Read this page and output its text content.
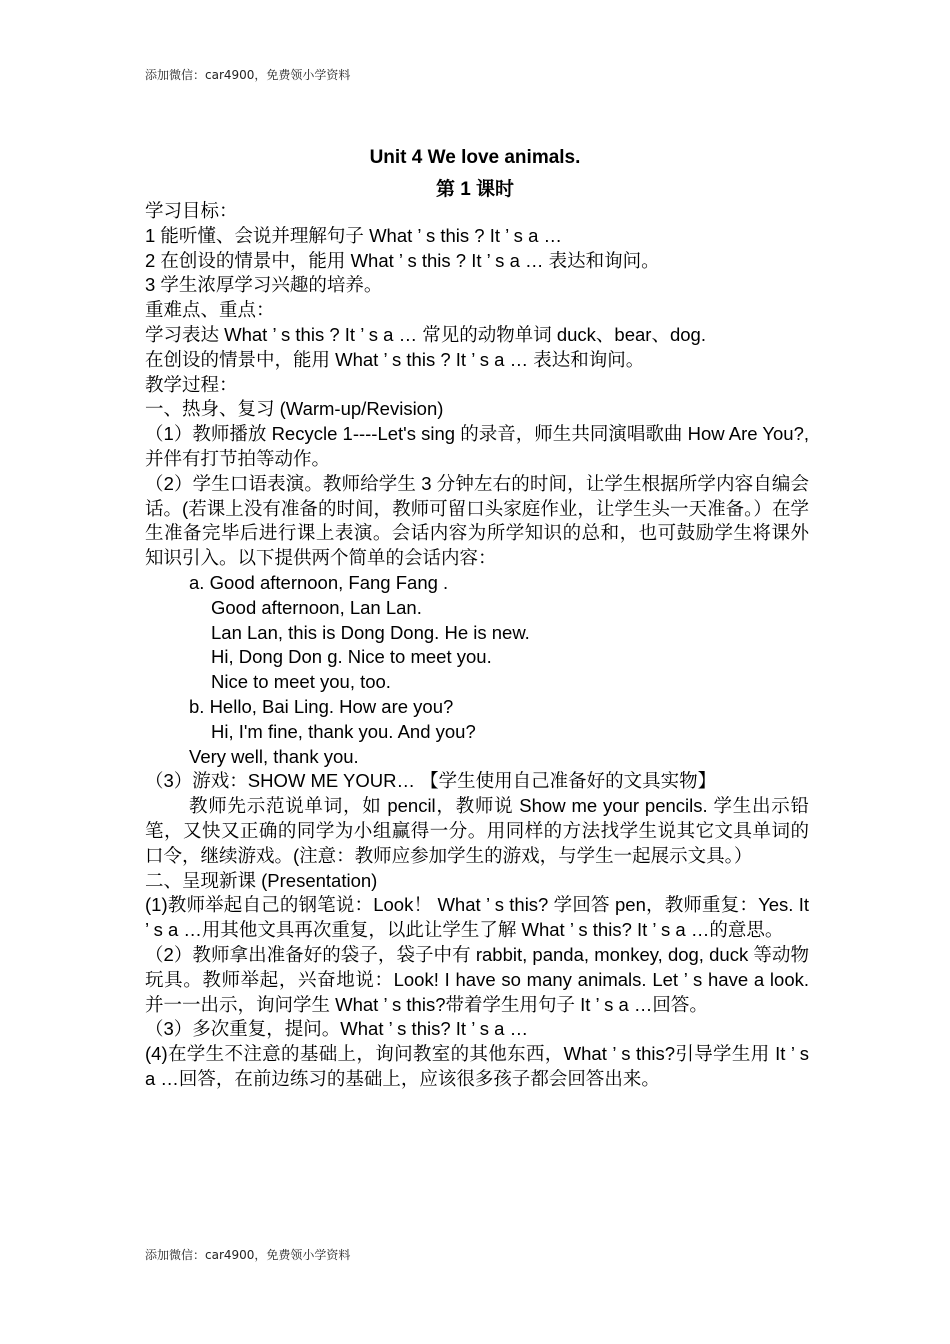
添加微信：car4900，免费领小学资料
Unit 4 We love animals.
第 1 课时

学习目标：

1 能听懂、会说并理解句子 What ’ s this ? It ’ s a …

2 在创设的情景中，能用 What ’ s this ? It ’ s a … 表达和询问。

3 学生浓厚学习兴趣的培养。

重难点、重点：

学习表达 What ’ s this ? It ’ s a … 常见的动物单词 duck、bear、dog.

在创设的情景中，能用 What ’ s this ? It ’ s a … 表达和询问。

教学过程：

一、热身、复习 (Warm-up/Revision)

（1）教师播放 Recycle 1----Let's sing 的录音，师生共同演唱歌曲 How Are You?,并伴有打节拍等动作。

（2）学生口语表演。教师给学生 3 分钟左右的时间，让学生根据所学内容自编会话。(若课上没有准备的时间，教师可留口头家庭作业，让学生头一天准备。）在学生准备完毕后进行课上表演。会话内容为所学知识的总和，也可鼓励学生将课外知识引入。以下提供两个简单的会话内容：

a. Good afternoon, Fang Fang .

Good afternoon, Lan Lan.

Lan Lan, this is Dong Dong. He is new.

Hi, Dong Don g. Nice to meet you.

Nice to meet you, too.

b. Hello, Bai Ling. How are you?

Hi, I'm fine, thank you. And you?

Very well, thank you.

（3）游戏：SHOW ME YOUR… 【学生使用自己准备好的文具实物】

教师先示范说单词，如 pencil，教师说 Show me your pencils. 学生出示铅笔，又快又正确的同学为小组赢得一分。用同样的方法找学生说其它文具单词的口令，继续游戏。(注意：教师应参加学生的游戏，与学生一起展示文具。）

二、呈现新课 (Presentation)

(1)教师举起自己的钢笔说：Look！ What ’ s this? 学回答 pen，教师重复：Yes. It ’ s a …用其他文具再次重复，以此让学生了解 What ’ s this? It ’ s a …的意思。

（2）教师拿出准备好的袋子，袋子中有 rabbit, panda, monkey, dog, duck 等动物玩具。教师举起，兴奋地说：Look! I have so many animals. Let ’ s have a look.并一一出示，询问学生 What ’ s this?带着学生用句子 It ’ s a …回答。

（3）多次重复，提问。What ’ s this? It ’ s a …

(4)在学生不注意的基础上，询问教室的其他东西，What ’ s this?引导学生用 It ’ s a …回答，在前边练习的基础上，应该很多孩子都会回答出来。

添加微信：car4900，免费领小学资料
